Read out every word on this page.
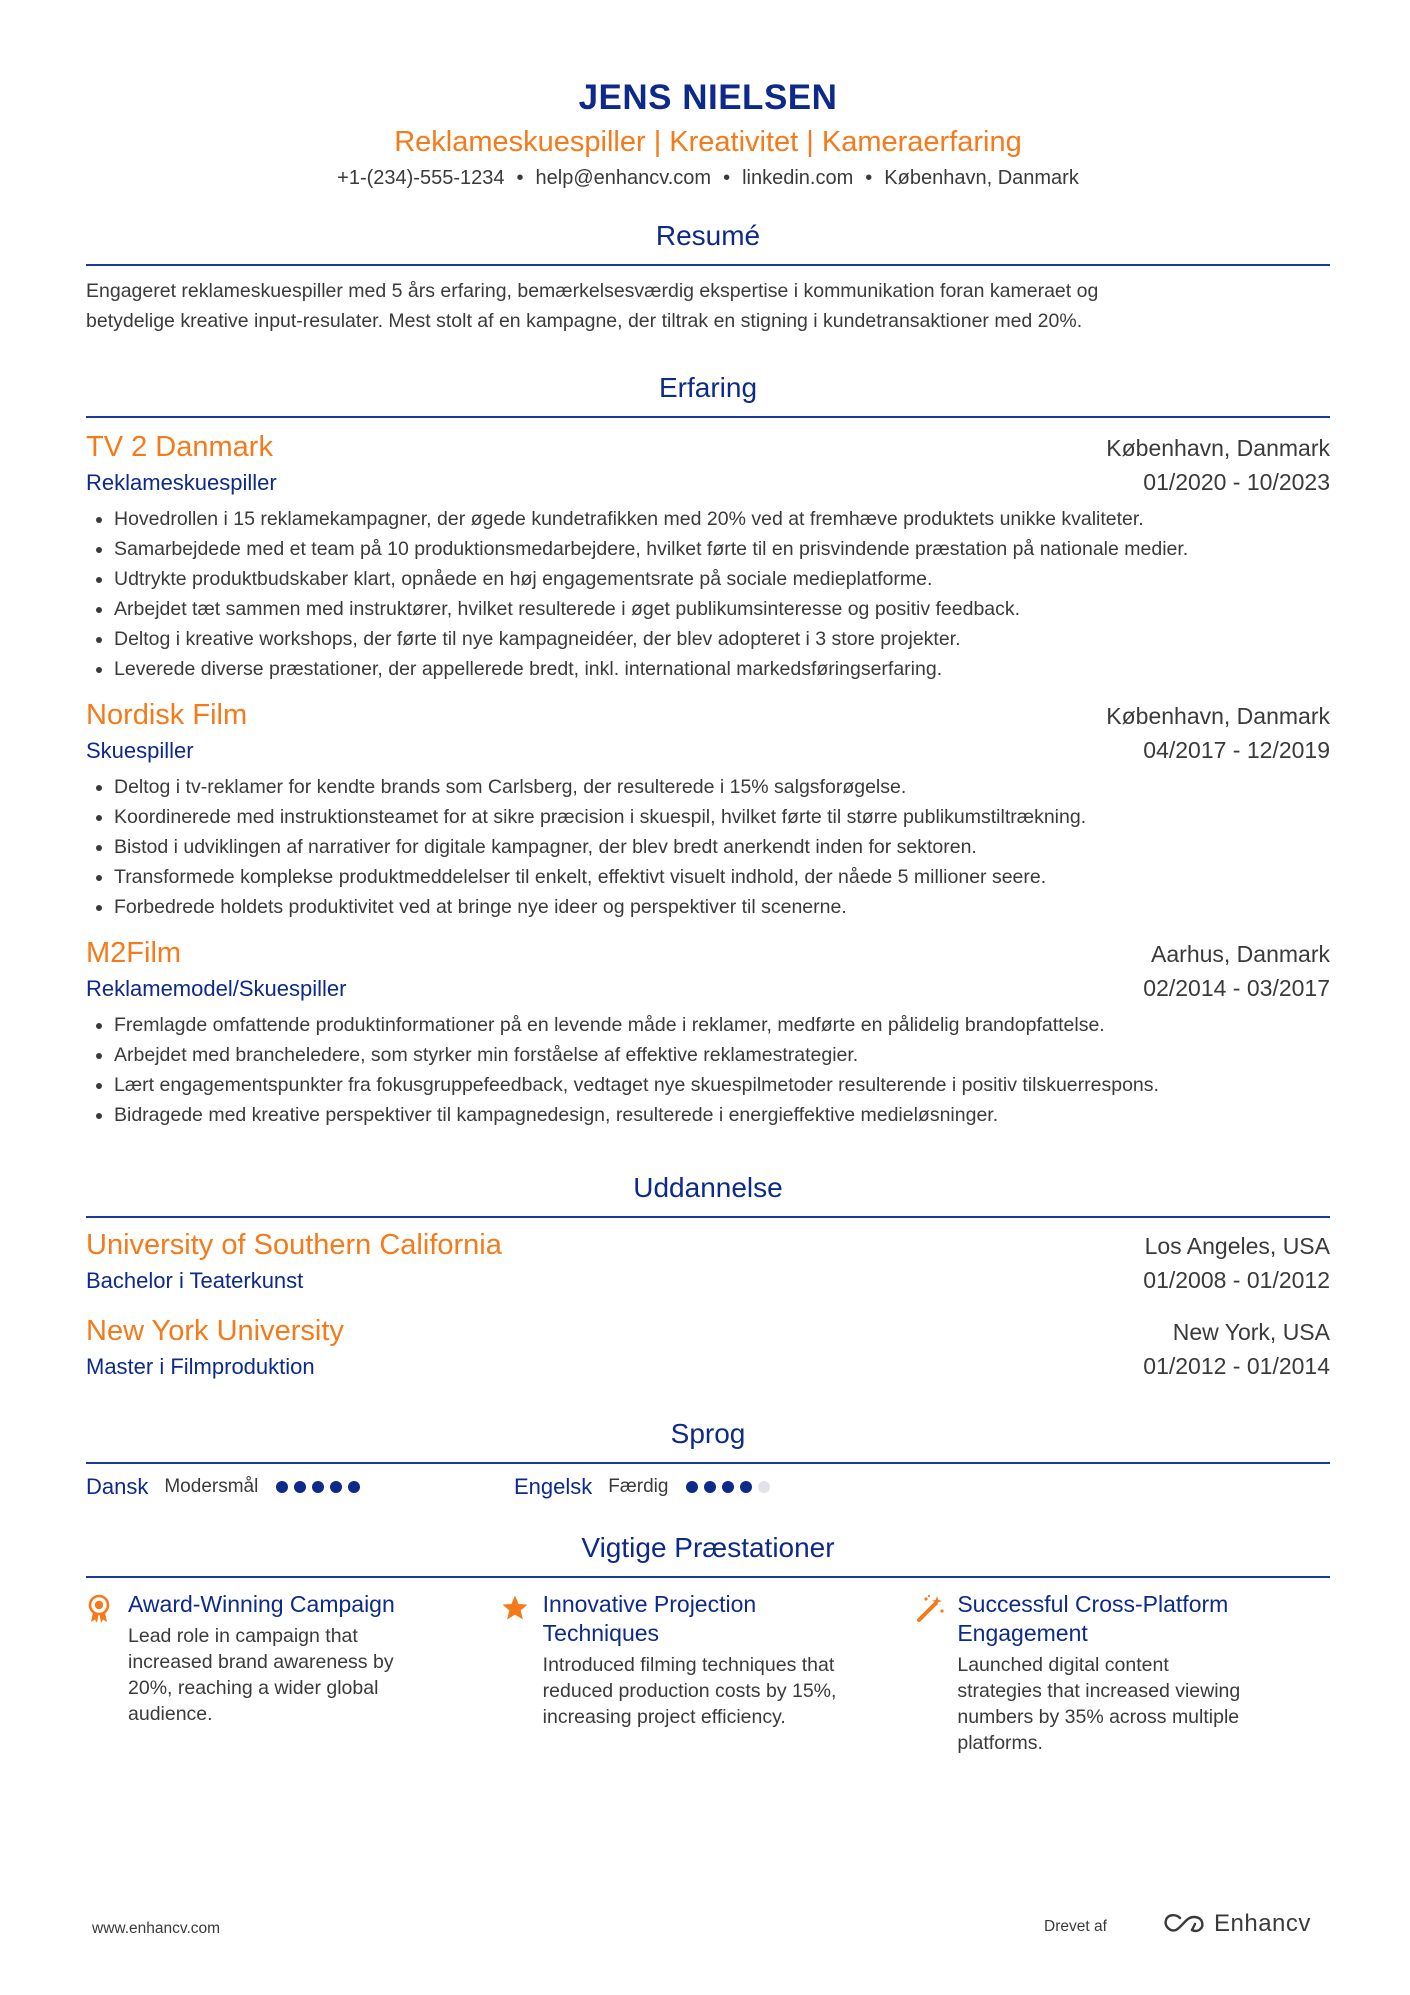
JENS NIELSEN
Reklameskuespiller | Kreativitet | Kameraerfaring
+1-(234)-555-1234 • help@enhancv.com • linkedin.com • København, Danmark
Resumé
Engageret reklameskuespiller med 5 års erfaring, bemærkelsesværdig ekspertise i kommunikation foran kameraet og
betydelige kreative input-resulater. Mest stolt af en kampagne, der tiltrak en stigning i kundetransaktioner med 20%.
Erfaring
TV 2 Danmark	København, Danmark
Reklameskuespiller	01/2020 - 10/2023
• Hovedrollen i 15 reklamekampagner, der øgede kundetrafikken med 20% ved at fremhæve produktets unikke kvaliteter.
• Samarbejdede med et team på 10 produktionsmedarbejdere, hvilket førte til en prisvindende præstation på nationale medier.
• Udtrykte produktbudskaber klart, opnåede en høj engagementsrate på sociale medieplatforme.
• Arbejdet tæt sammen med instruktører, hvilket resulterede i øget publikumsinteresse og positiv feedback.
• Deltog i kreative workshops, der førte til nye kampagneidéer, der blev adopteret i 3 store projekter.
• Leverede diverse præstationer, der appellerede bredt, inkl. international markedsføringserfaring.
Nordisk Film	København, Danmark
Skuespiller	04/2017 - 12/2019
• Deltog i tv-reklamer for kendte brands som Carlsberg, der resulterede i 15% salgsforøgelse.
• Koordinerede med instruktionsteamet for at sikre præcision i skuespil, hvilket førte til større publikumstiltrækning.
• Bistod i udviklingen af narrativer for digitale kampagner, der blev bredt anerkendt inden for sektoren.
• Transformede komplekse produktmeddelelser til enkelt, effektivt visuelt indhold, der nåede 5 millioner seere.
• Forbedrede holdets produktivitet ved at bringe nye ideer og perspektiver til scenerne.
M2Film	Aarhus, Danmark
Reklamemodel/Skuespiller	02/2014 - 03/2017
• Fremlagde omfattende produktinformationer på en levende måde i reklamer, medførte en pålidelig brandopfattelse.
• Arbejdet med brancheledere, som styrker min forståelse af effektive reklamestrategier.
• Lært engagementspunkter fra fokusgruppefeedback, vedtaget nye skuespilmetoder resulterende i positiv tilskuerrespons.
• Bidragede med kreative perspektiver til kampagnedesign, resulterede i energieffektive medieløsninger.
Uddannelse
University of Southern California	Los Angeles, USA
Bachelor i Teaterkunst	01/2008 - 01/2012
New York University	New York, USA
Master i Filmproduktion	01/2012 - 01/2014
Sprog
Dansk Modersmål	Engelsk Færdig
Vigtige Præstationer
Award-Winning Campaign
Lead role in campaign that
increased brand awareness by
20%, reaching a wider global
audience.
Innovative Projection
Techniques
Introduced filming techniques that
reduced production costs by 15%,
increasing project efficiency.
Successful Cross-Platform
Engagement
Launched digital content
strategies that increased viewing
numbers by 35% across multiple
platforms.
www.enhancv.com	Drevet af	Enhancv
